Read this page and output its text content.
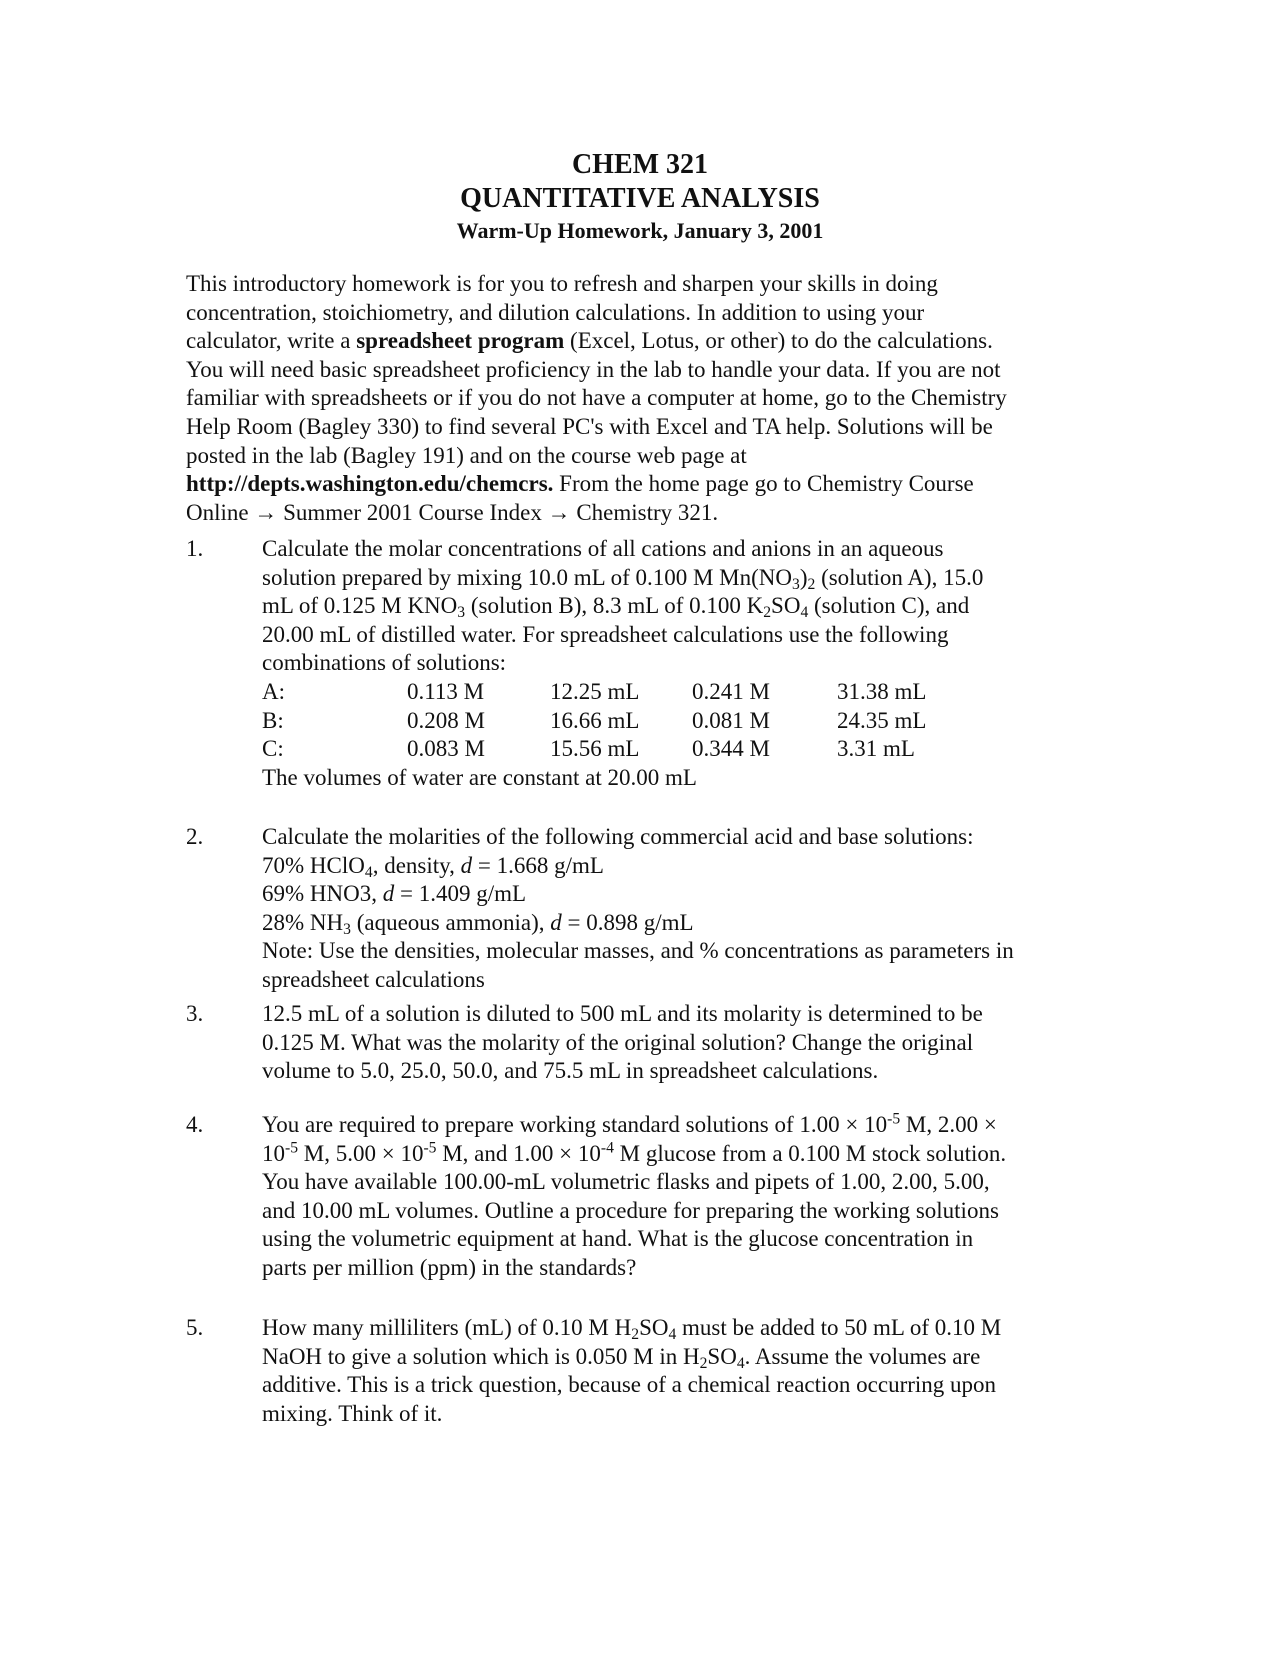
CHEM 321
QUANTITATIVE ANALYSIS
Warm-Up Homework, January 3, 2001
This introductory homework is for you to refresh and sharpen your skills in doing
concentration, stoichiometry, and dilution calculations. In addition to using your
calculator, write a spreadsheet program (Excel, Lotus, or other) to do the calculations.
You will need basic spreadsheet proficiency in the lab to handle your data. If you are not
familiar with spreadsheets or if you do not have a computer at home, go to the Chemistry
Help Room (Bagley 330) to find several PC's with Excel and TA help. Solutions will be
posted in the lab (Bagley 191) and on the course web page at
http://depts.washington.edu/chemcrs. From the home page go to Chemistry Course
Online → Summer 2001 Course Index → Chemistry 321.
1.	Calculate the molar concentrations of all cations and anions in an aqueous
solution prepared by mixing 10.0 mL of 0.100 M $Mn(NO_3)_2$ (solution A), 15.0
mL of 0.125 M $KNO_3$ (solution B), 8.3 mL of 0.100 $K_2SO_4$ (solution C), and
20.00 mL of distilled water. For spreadsheet calculations use the following
combinations of solutions:
A:	0.113 M	12.25 mL 0.241 M	31.38 mL
B:	0.208 M	16.66 mL 0.081 M	24.35 mL
C:	0.083 M	15.56 mL 0.344 M	3.31 mL
The volumes of water are constant at 20.00 mL
2.	Calculate the molarities of the following commercial acid and base solutions:
70% HClO$_4$, density, d = 1.668 g/mL
69% HNO3, d = 1.409 g/mL
28% $NH_3$ (aqueous ammonia), d = 0.898 g/mL
Note: Use the densities, molecular masses, and % concentrations as parameters in
spreadsheet calculations
3.	12.5 mL of a solution is diluted to 500 mL and its molarity is determined to be
0.125 M. What was the molarity of the original solution? Change the original
volume to 5.0, 25.0, 50.0, and 75.5 mL in spreadsheet calculations.
4.	You are required to prepare working standard solutions of $1.00 \times 10^{-5}$ M, 2.00 ×
$10^{-5}$ M, $5.00 \times 10^{-5}$ M, and $1.00 \times 10^{-4}$ M glucose from a 0.100 M stock solution.
You have available 100.00-mL volumetric flasks and pipets of 1.00, 2.00, 5.00,
and 10.00 mL volumes. Outline a procedure for preparing the working solutions
using the volumetric equipment at hand. What is the glucose concentration in
parts per million (ppm) in the standards?
5.	How many milliliters (mL) of 0.10 M $H_2SO_4$ must be added to 50 mL of 0.10 M
NaOH to give a solution which is 0.050 M in $H_2SO_4$. Assume the volumes are
additive. This is a trick question, because of a chemical reaction occurring upon
mixing. Think of it.
